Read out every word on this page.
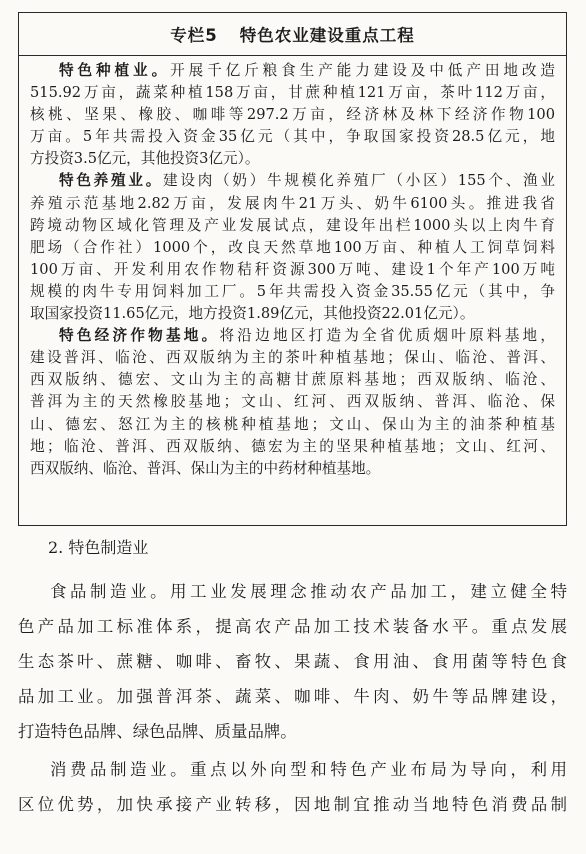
专栏5 特色农业建设重点工程
特色种植业。开展千亿斤粮食生产能力建设及中低产田地改造
515.92万亩，蔬菜种植158万亩，甘蔗种植121万亩，茶叶112万亩，
核桃、坚果、橡胶、咖啡等297.2万亩，经济林及林下经济作物100
万亩。5年共需投入资金35亿元（其中，争取国家投资28.5亿元，地
方投资3.5亿元，其他投资3亿元）。
特色养殖业。建设肉（奶）牛规模化养殖厂（小区）155个、渔业
养殖示范基地2.82万亩，发展肉牛21万头、奶牛6100头。推进我省
跨境动物区域化管理及产业发展试点，建设年出栏1000头以上肉牛育
肥场（合作社）1000个，改良天然草地100万亩、种植人工饲草饲料
100万亩、开发利用农作物秸秆资源300万吨、建设1个年产100万吨
规模的肉牛专用饲料加工厂。5年共需投入资金35.55亿元（其中，争
取国家投资11.65亿元，地方投资1.89亿元，其他投资22.01亿元）。
特色经济作物基地。将沿边地区打造为全省优质烟叶原料基地，
建设普洱、临沧、西双版纳为主的茶叶种植基地；保山、临沧、普洱、
西双版纳、德宏、文山为主的高糖甘蔗原料基地；西双版纳、临沧、
普洱为主的天然橡胶基地；文山、红河、西双版纳、普洱、临沧、保
山、德宏、怒江为主的核桃种植基地；文山、保山为主的油茶种植基
地；临沧、普洱、西双版纳、德宏为主的坚果种植基地；文山、红河、
西双版纳、临沧、普洱、保山为主的中药材种植基地。
2. 特色制造业
食品制造业。用工业发展理念推动农产品加工，建立健全特
色产品加工标准体系，提高农产品加工技术装备水平。重点发展
生态茶叶、蔗糖、咖啡、畜牧、果蔬、食用油、食用菌等特色食
品加工业。加强普洱茶、蔬菜、咖啡、牛肉、奶牛等品牌建设，
打造特色品牌、绿色品牌、质量品牌。
消费品制造业。重点以外向型和特色产业布局为导向，利用
区位优势，加快承接产业转移，因地制宜推动当地特色消费品制
